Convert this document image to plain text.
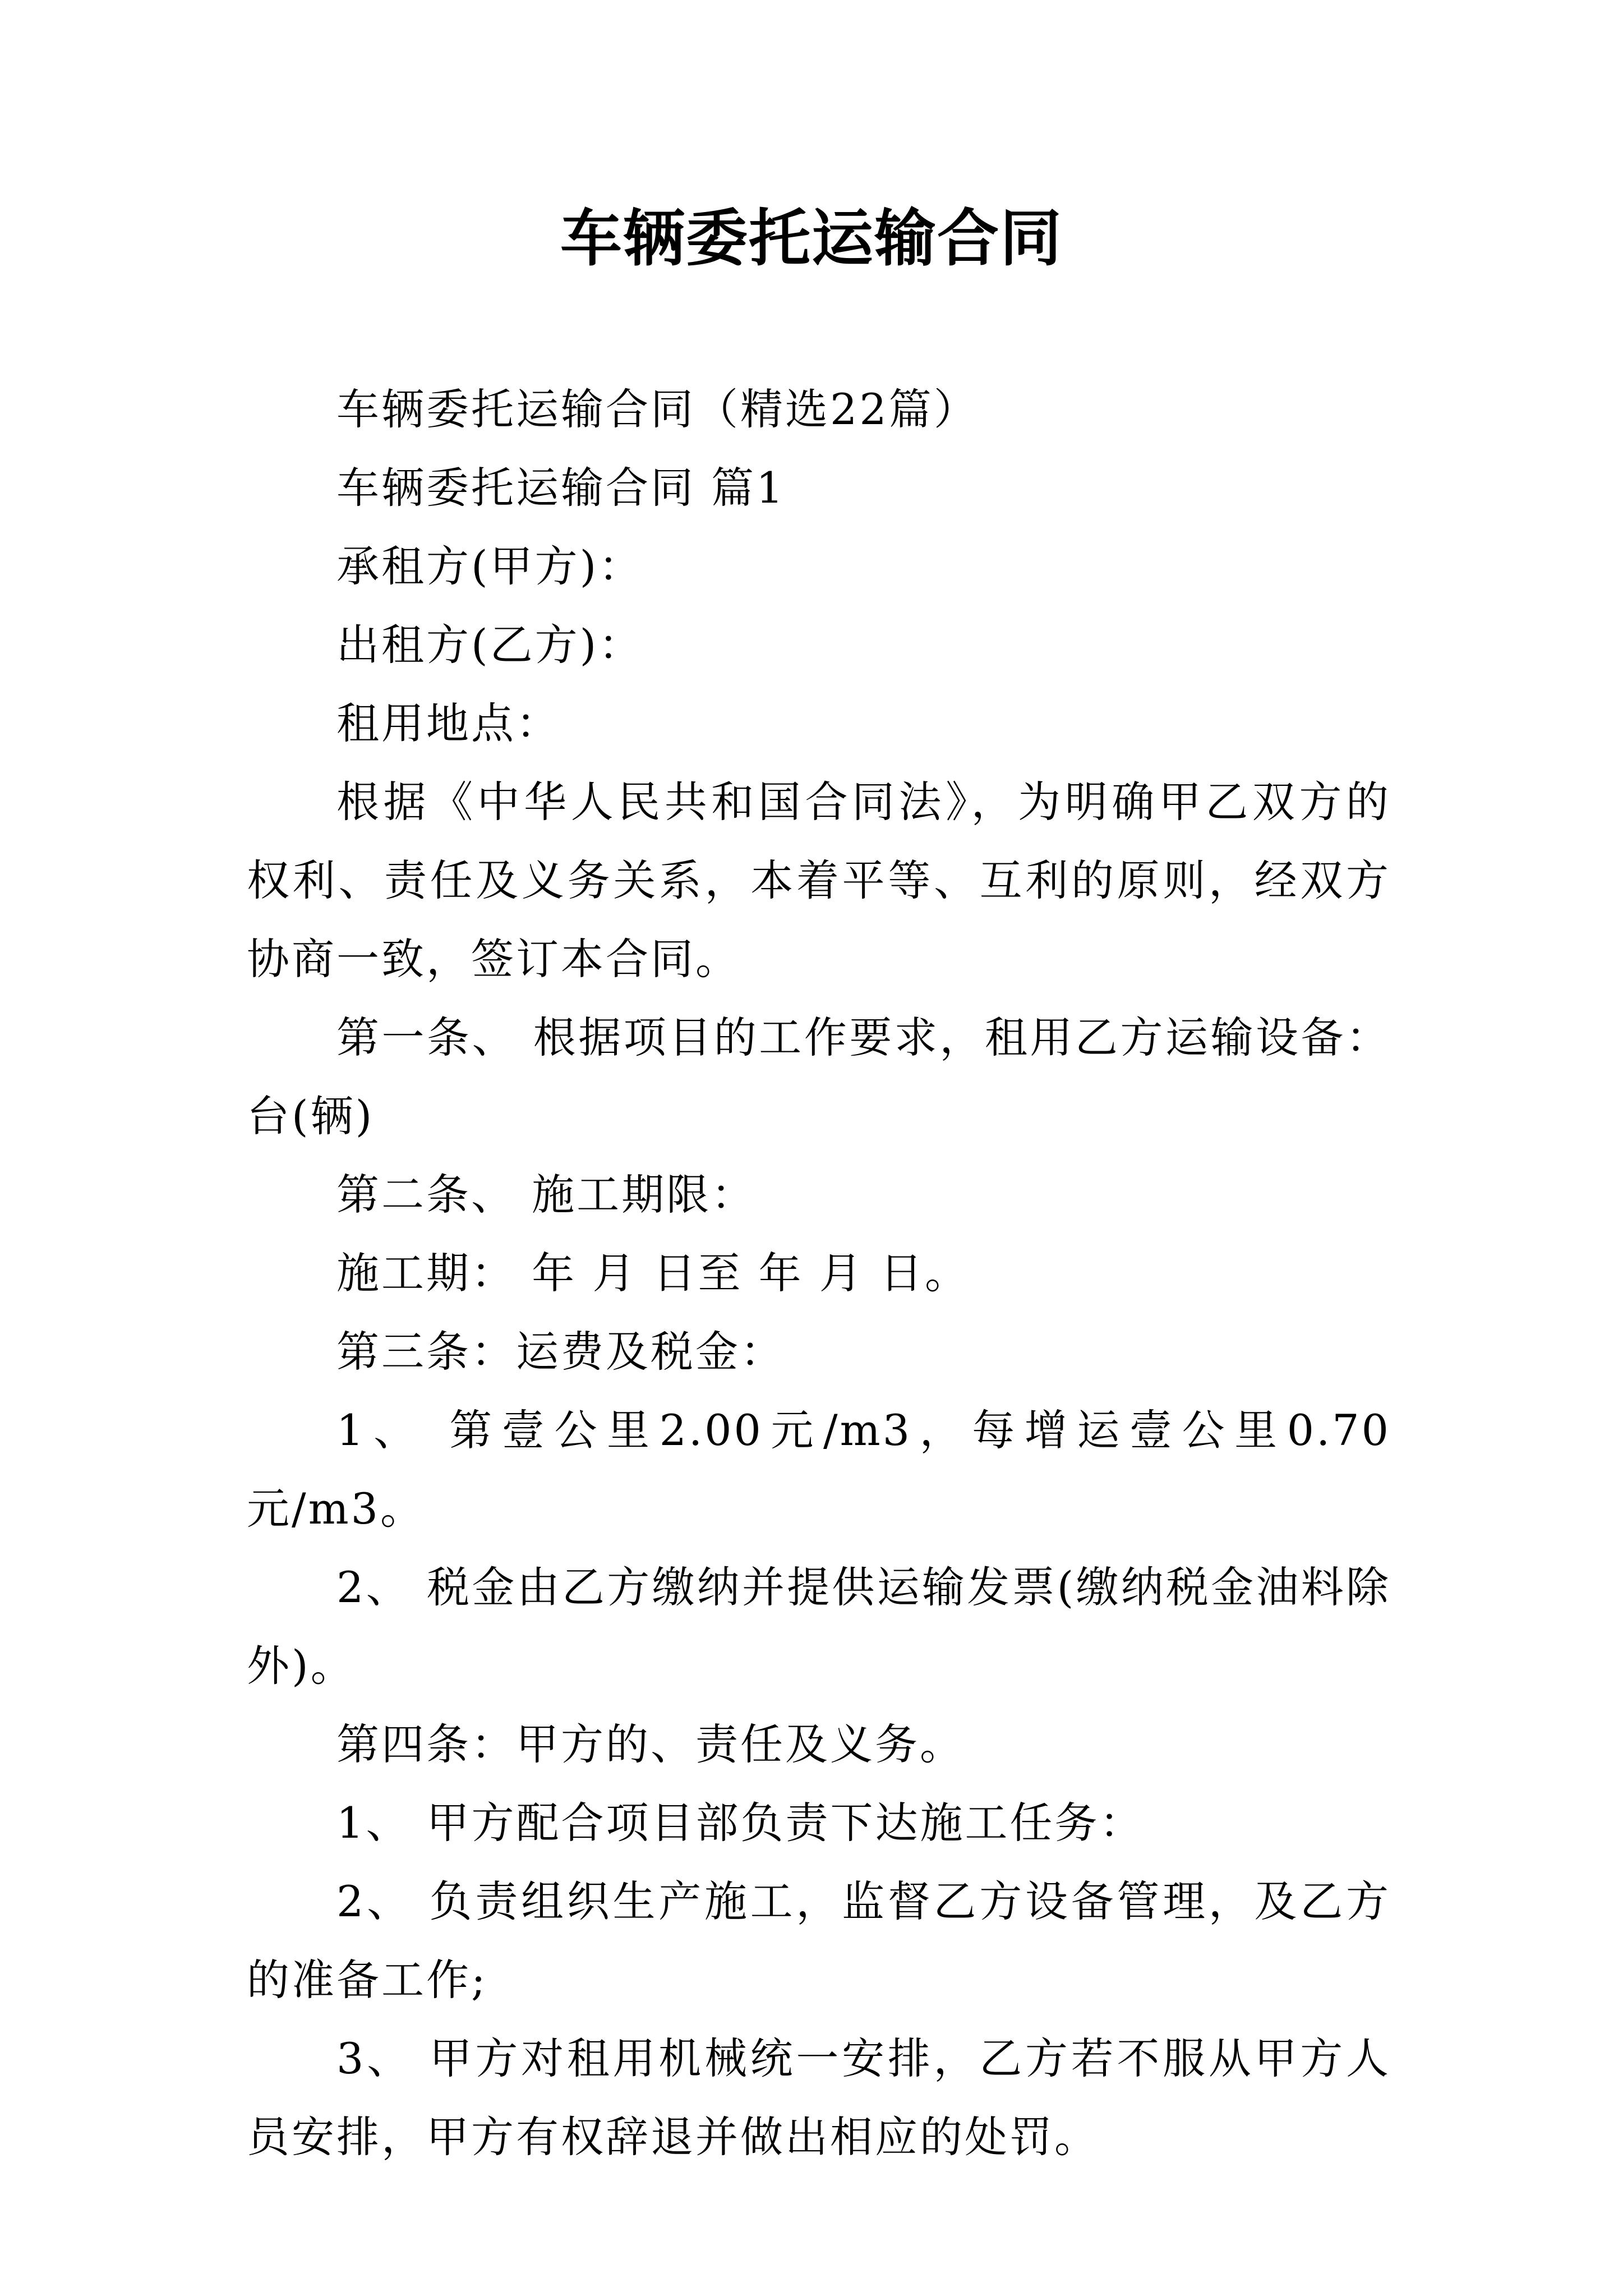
车辆委托运输合同

车辆委托运输合同（精选22篇）

车辆委托运输合同 篇1

承租方(甲方)：

出租方(乙方)：

租用地点：

根据《中华人民共和国合同法》，为明确甲乙双方的权利、责任及义务关系，本着平等、互利的原则，经双方协商一致，签订本合同。

第一条、 根据项目的工作要求，租用乙方运输设备： 台(辆)

第二条、 施工期限：

施工期： 年 月 日至 年 月 日。

第三条：运费及税金：

1、 第壹公里2.00元/m3，每增运壹公里0.70元/m3。

2、 税金由乙方缴纳并提供运输发票(缴纳税金油料除外)。

第四条：甲方的、责任及义务。

1、 甲方配合项目部负责下达施工任务：

2、 负责组织生产施工，监督乙方设备管理，及乙方的准备工作;

3、 甲方对租用机械统一安排，乙方若不服从甲方人员安排，甲方有权辞退并做出相应的处罚。
